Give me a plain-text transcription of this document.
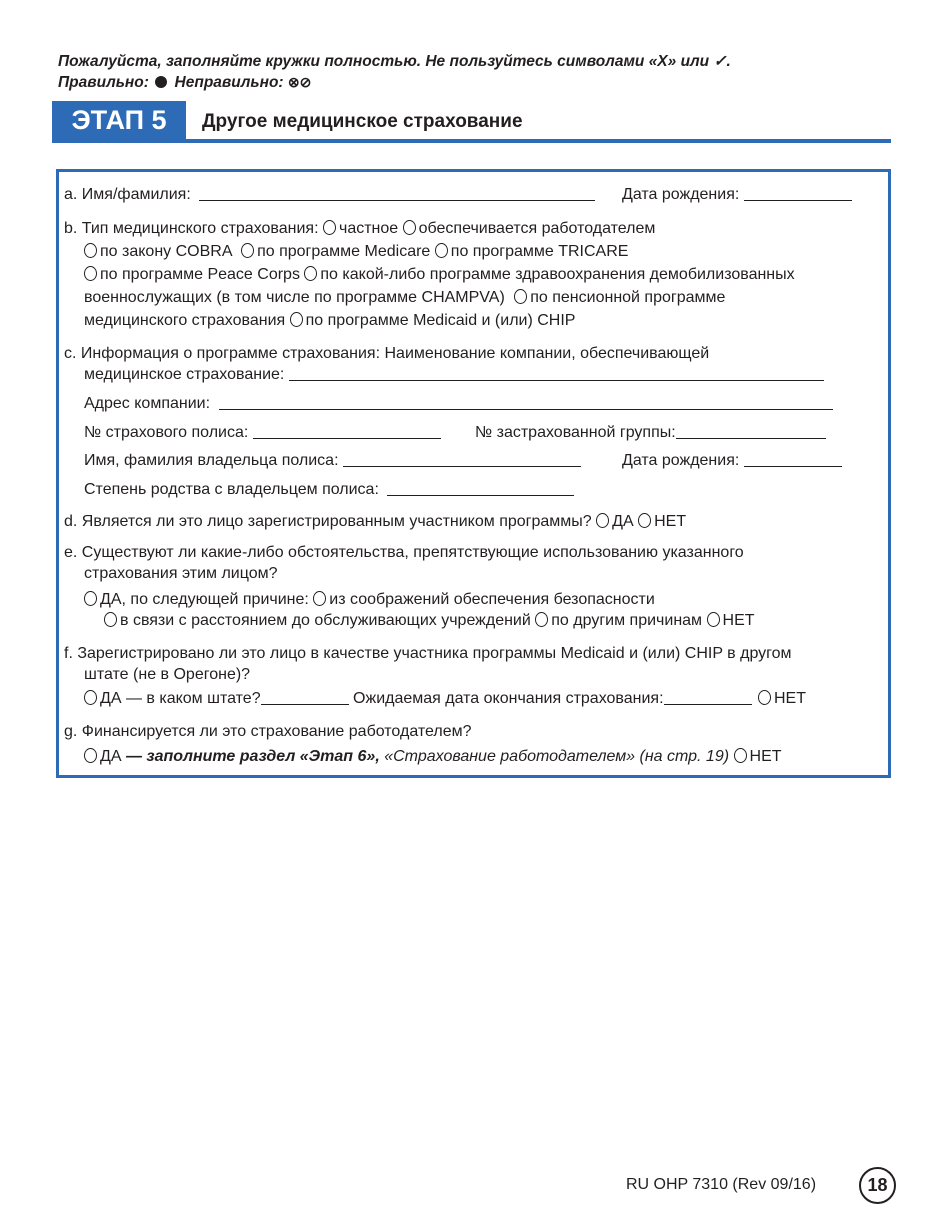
Пожалуйста, заполняйте кружки полностью. Не пользуйтесь символами «X» или ✓.
Правильно: Неправильно: ⊗⊘
ЭТАП 5	Другое медицинское страхование
a. Имя/фамилия:	Дата рождения:
b. Тип медицинского страхования: частное обеспечивается работодателем
по закону COBRA по программе Medicare по программе TRICARE
по программе Peace Corps по какой-либо программе здравоохранения демобилизованных
военнослужащих (в том числе по программе CHAMPVA) по пенсионной программе
медицинского страхования по программе Medicaid и (или) CHIP
c. Информация о программе страхования: Наименование компании, обеспечивающей
медицинское страхование:
Адрес компании:
№ страхового полиса:	№ застрахованной группы:
Имя, фамилия владельца полиса:	Дата рождения:
Степень родства с владельцем полиса:
d. Является ли это лицо зарегистрированным участником программы? ДА НЕТ
e. Существуют ли какие-либо обстоятельства, препятствующие использованию указанного
страхования этим лицом?
ДА, по следующей причине: из соображений обеспечения безопасности
в связи с расстоянием до обслуживающих учреждений по другим причинам НЕТ
f. Зарегистрировано ли это лицо в качестве участника программы Medicaid и (или) CHIP в другом
штате (не в Орегоне)?
ДА — в каком штате?	Ожидаемая дата окончания страхования:	НЕТ
g. Финансируется ли это страхование работодателем?
ДА — заполните раздел «Этап 6», «Страхование работодателем» (на стр. 19) НЕТ
RU OHP 7310 (Rev 09/16)	18
